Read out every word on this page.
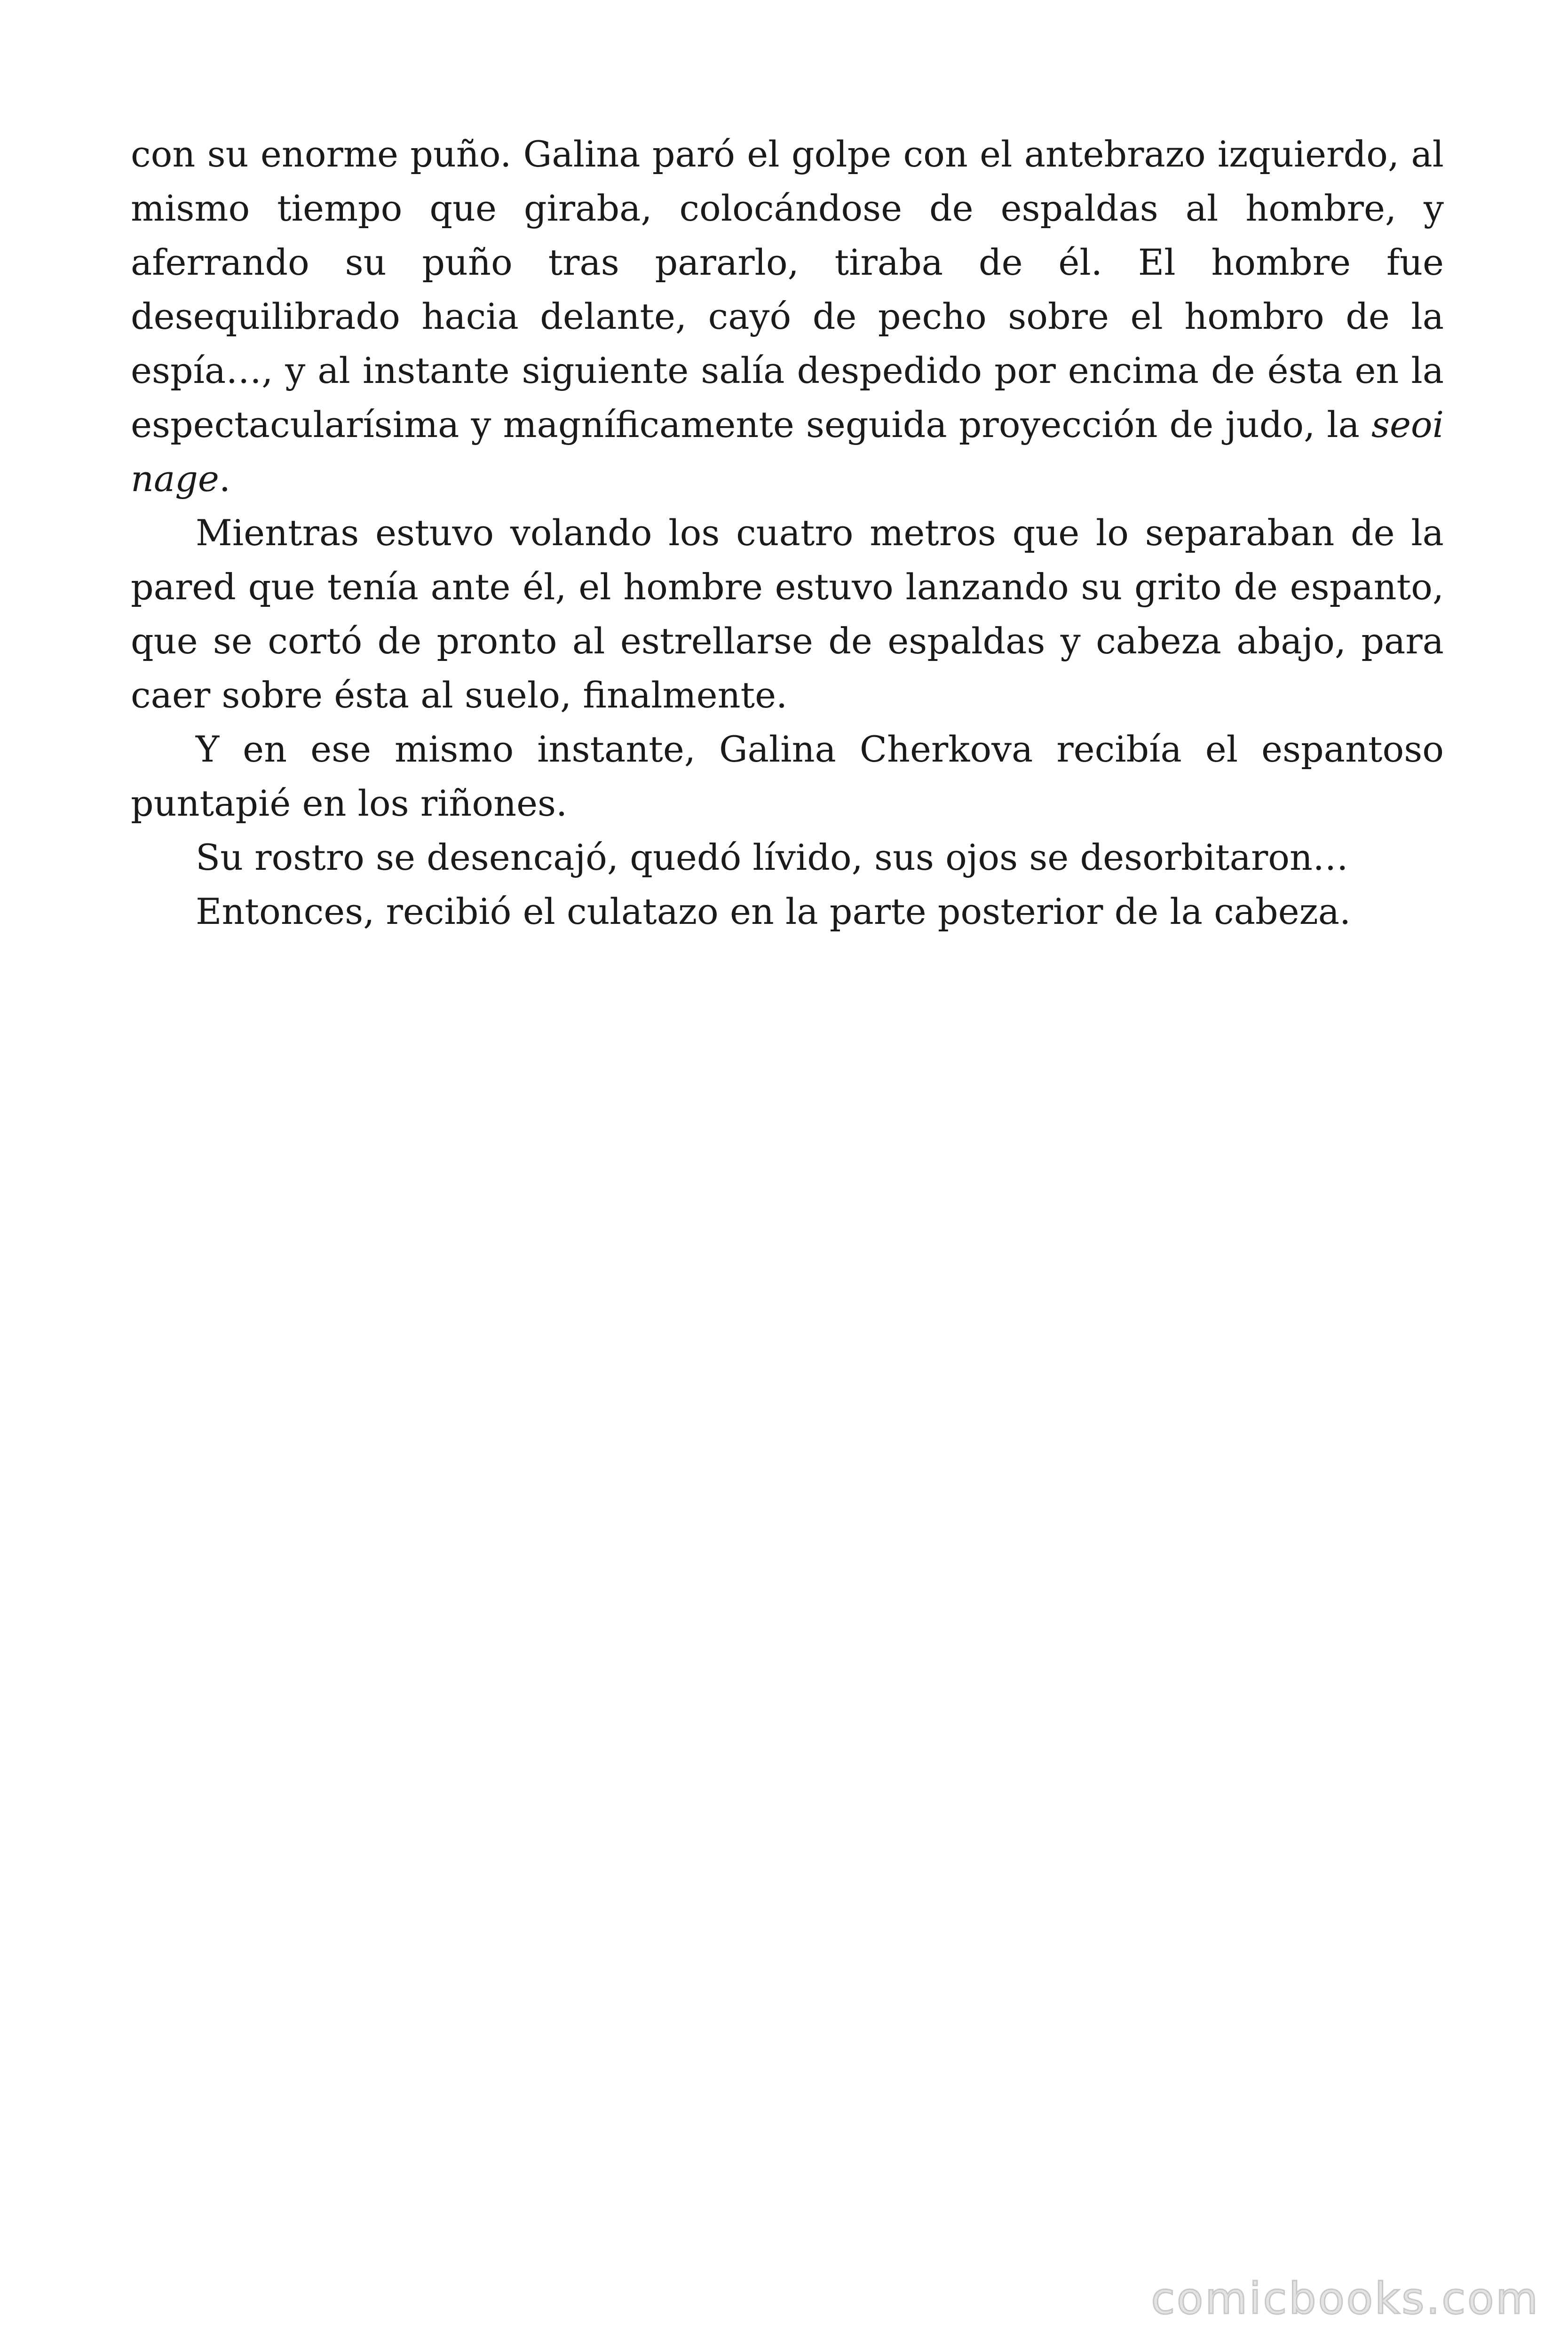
con su enorme puño. Galina paró el golpe con el antebrazo izquierdo, al mismo tiempo que giraba, colocándose de espaldas al hombre, y aferrando su puño tras pararlo, tiraba de él. El hombre fue desequilibrado hacia delante, cayó de pecho sobre el hombro de la espía…, y al instante siguiente salía despedido por encima de ésta en la espectacularísima y magníficamente seguida proyección de judo, la seoi nage.

Mientras estuvo volando los cuatro metros que lo separaban de la pared que tenía ante él, el hombre estuvo lanzando su grito de espanto, que se cortó de pronto al estrellarse de espaldas y cabeza abajo, para caer sobre ésta al suelo, finalmente.

Y en ese mismo instante, Galina Cherkova recibía el espantoso puntapié en los riñones.

Su rostro se desencajó, quedó lívido, sus ojos se desorbitaron…

Entonces, recibió el culatazo en la parte posterior de la cabeza.

comicbooks.com
